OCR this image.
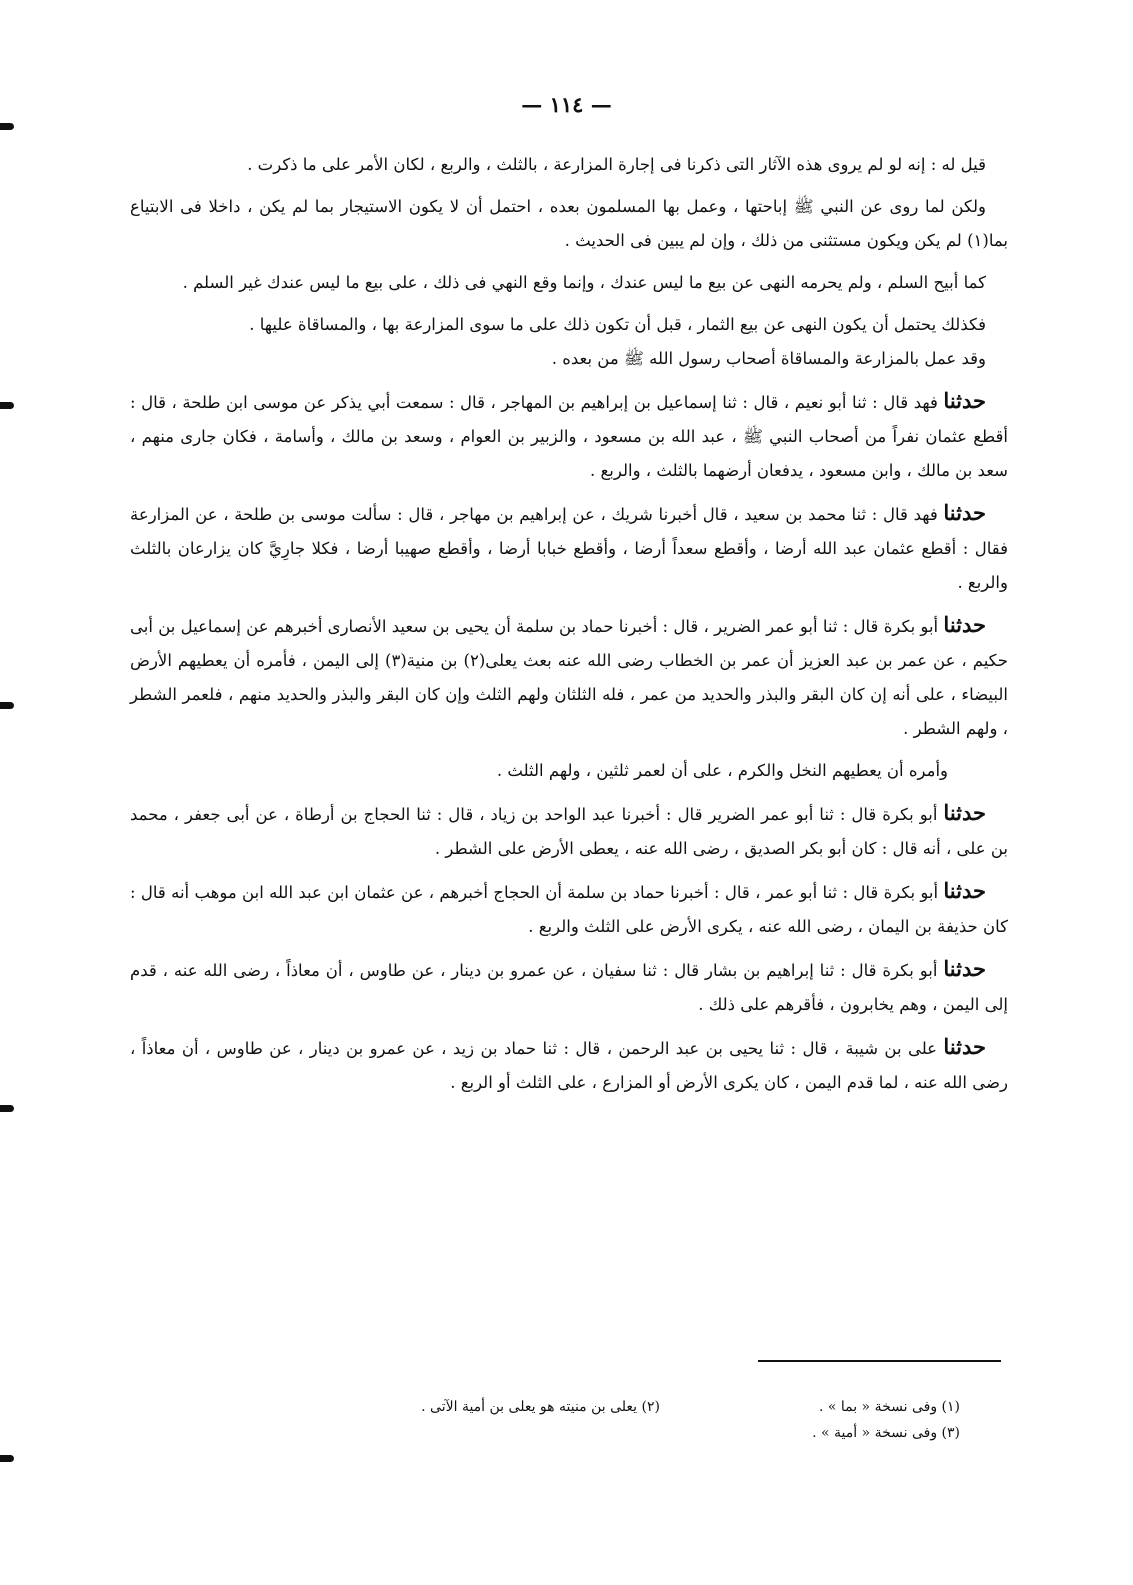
— ١١٤ —

قيل له : إنه لو لم يروى هذه الآثار التى ذكرنا فى إجارة المزارعة ، بالثلث ، والربع ، لكان الأمر على ما ذكرت .

ولكن لما روى عن النبي ﷺ إباحتها ، وعمل بها المسلمون بعده ، احتمل أن لا يكون الاستيجار بما لم يكن ، داخلا فى الابتياع بما(١) لم يكن ويكون مستثنى من ذلك ، وإن لم يبين فى الحديث .

كما أبيح السلم ، ولم يحرمه النهى عن بيع ما ليس عندك ، وإنما وقع النهي فى ذلك ، على بيع ما ليس عندك غير السلم .

فكذلك يحتمل أن يكون النهى عن بيع الثمار ، قبل أن تكون ذلك على ما سوى المزارعة بها ، والمساقاة عليها .

وقد عمل بالمزارعة والمساقاة أصحاب رسول الله ﷺ من بعده .

حدثنا فهد قال : ثنا أبو نعيم ، قال : ثنا إسماعيل بن إبراهيم بن المهاجر ، قال : سمعت أبي يذكر عن موسى ابن طلحة ، قال : أقطع عثمان نفراً من أصحاب النبي ﷺ ، عبد الله بن مسعود ، والزبير بن العوام ، وسعد بن مالك ، وأسامة ، فكان جارى منهم ، سعد بن مالك ، وابن مسعود ، يدفعان أرضهما بالثلث ، والربع .

حدثنا فهد قال : ثنا محمد بن سعيد ، قال أخبرنا شريك ، عن إبراهيم بن مهاجر ، قال : سألت موسى بن طلحة ، عن المزارعة فقال : أقطع عثمان عبد الله أرضا ، وأقطع سعداً أرضا ، وأقطع خبابا أرضا ، وأقطع صهيبا أرضا ، فكلا جارِيَّ كان يزارعان بالثلث والربع .

حدثنا أبو بكرة قال : ثنا أبو عمر الضرير ، قال : أخبرنا حماد بن سلمة أن يحيى بن سعيد الأنصارى أخبرهم عن إسماعيل بن أبى حكيم ، عن عمر بن عبد العزيز أن عمر بن الخطاب رضى الله عنه بعث يعلى(٢) بن منية(٣) إلى اليمن ، فأمره أن يعطيهم الأرض البيضاء ، على أنه إن كان البقر والبذر والحديد من عمر ، فله الثلثان ولهم الثلث وإن كان البقر والبذر والحديد منهم ، فلعمر الشطر ، ولهم الشطر .

وأمره أن يعطيهم النخل والكرم ، على أن لعمر ثلثين ، ولهم الثلث .

حدثنا أبو بكرة قال : ثنا أبو عمر الضرير قال : أخبرنا عبد الواحد بن زياد ، قال : ثنا الحجاج بن أرطاة ، عن أبى جعفر ، محمد بن على ، أنه قال : كان أبو بكر الصديق ، رضى الله عنه ، يعطى الأرض على الشطر .

حدثنا أبو بكرة قال : ثنا أبو عمر ، قال : أخبرنا حماد بن سلمة أن الحجاج أخبرهم ، عن عثمان ابن عبد الله ابن موهب أنه قال : كان حذيفة بن اليمان ، رضى الله عنه ، يكرى الأرض على الثلث والربع .

حدثنا أبو بكرة قال : ثنا إبراهيم بن بشار قال : ثنا سفيان ، عن عمرو بن دينار ، عن طاوس ، أن معاذاً ، رضى الله عنه ، قدم إلى اليمن ، وهم يخابرون ، فأقرهم على ذلك .

حدثنا على بن شيبة ، قال : ثنا يحيى بن عبد الرحمن ، قال : ثنا حماد بن زيد ، عن عمرو بن دينار ، عن طاوس ، أن معاذاً ، رضى الله عنه ، لما قدم اليمن ، كان يكرى الأرض أو المزارع ، على الثلث أو الربع .

(١) وفى نسخة « بما » .
(٢) يعلى بن منيته هو يعلى بن أمية الآتى .
(٣) وفى نسخة « أمية » .
